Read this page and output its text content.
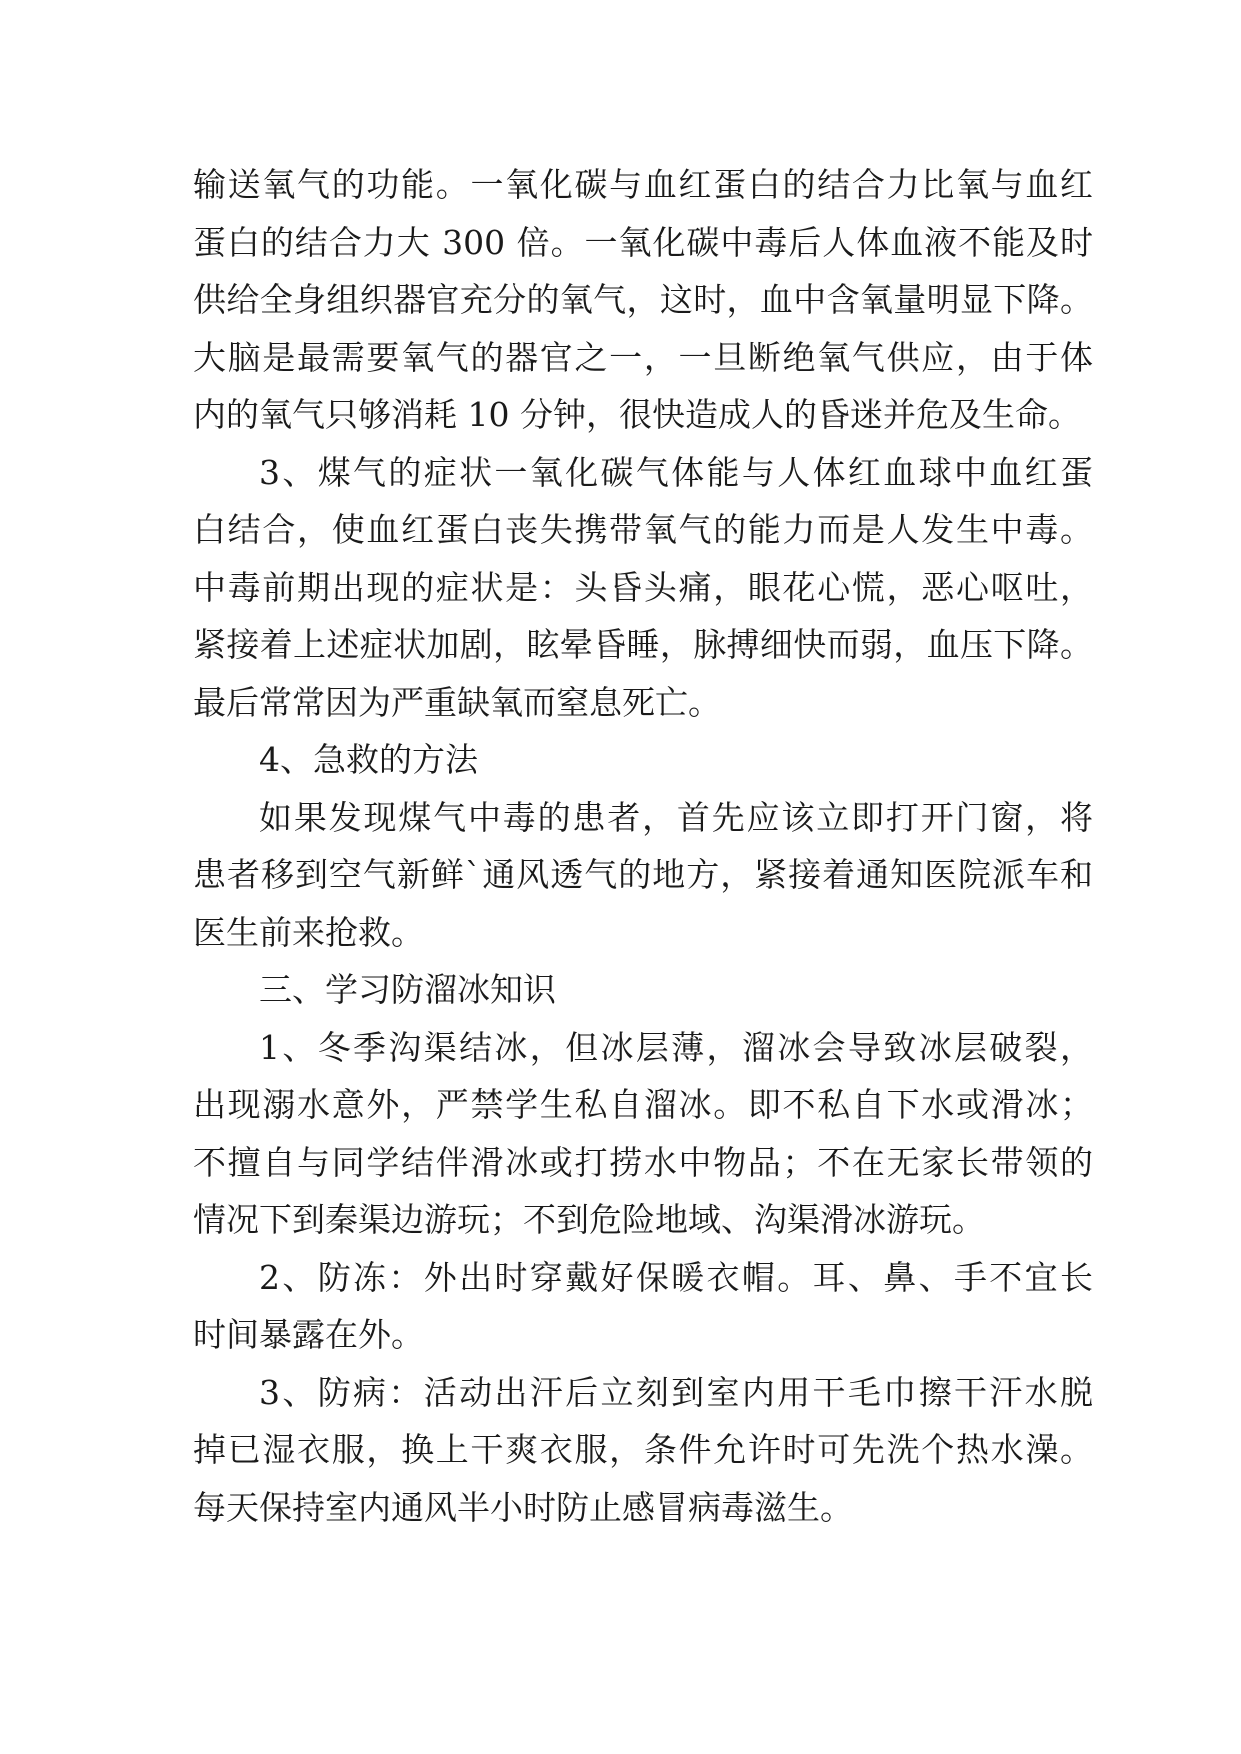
输送氧气的功能。一氧化碳与血红蛋白的结合力比氧与血红
蛋白的结合力大 300 倍。一氧化碳中毒后人体血液不能及时
供给全身组织器官充分的氧气，这时，血中含氧量明显下降。
大脑是最需要氧气的器官之一，一旦断绝氧气供应，由于体
内的氧气只够消耗 10 分钟，很快造成人的昏迷并危及生命。
3、煤气的症状一氧化碳气体能与人体红血球中血红蛋
白结合，使血红蛋白丧失携带氧气的能力而是人发生中毒。
中毒前期出现的症状是：头昏头痛，眼花心慌，恶心呕吐，
紧接着上述症状加剧，眩晕昏睡，脉搏细快而弱，血压下降。
最后常常因为严重缺氧而窒息死亡。
4、急救的方法
如果发现煤气中毒的患者，首先应该立即打开门窗，将
患者移到空气新鲜`通风透气的地方，紧接着通知医院派车和
医生前来抢救。
三、学习防溜冰知识
1、冬季沟渠结冰，但冰层薄，溜冰会导致冰层破裂，
出现溺水意外，严禁学生私自溜冰。即不私自下水或滑冰；
不擅自与同学结伴滑冰或打捞水中物品；不在无家长带领的
情况下到秦渠边游玩；不到危险地域、沟渠滑冰游玩。
2、防冻：外出时穿戴好保暖衣帽。耳、鼻、手不宜长
时间暴露在外。
3、防病：活动出汗后立刻到室内用干毛巾擦干汗水脱
掉已湿衣服，换上干爽衣服，条件允许时可先洗个热水澡。
每天保持室内通风半小时防止感冒病毒滋生。
